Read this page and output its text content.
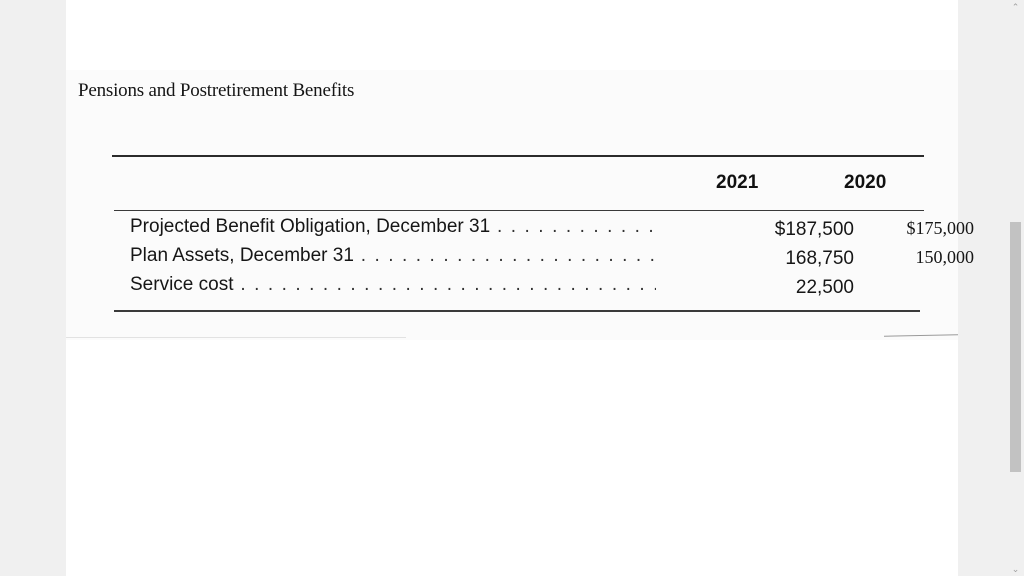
Pensions and Postretirement Benefits
2021	2020
Projected Benefit Obligation, December 31 . . .	$187,500	$175,000
Plan Assets, December 31 . . .	168,750	150,000
Service cost . . .	22,500
⌃
⌄
